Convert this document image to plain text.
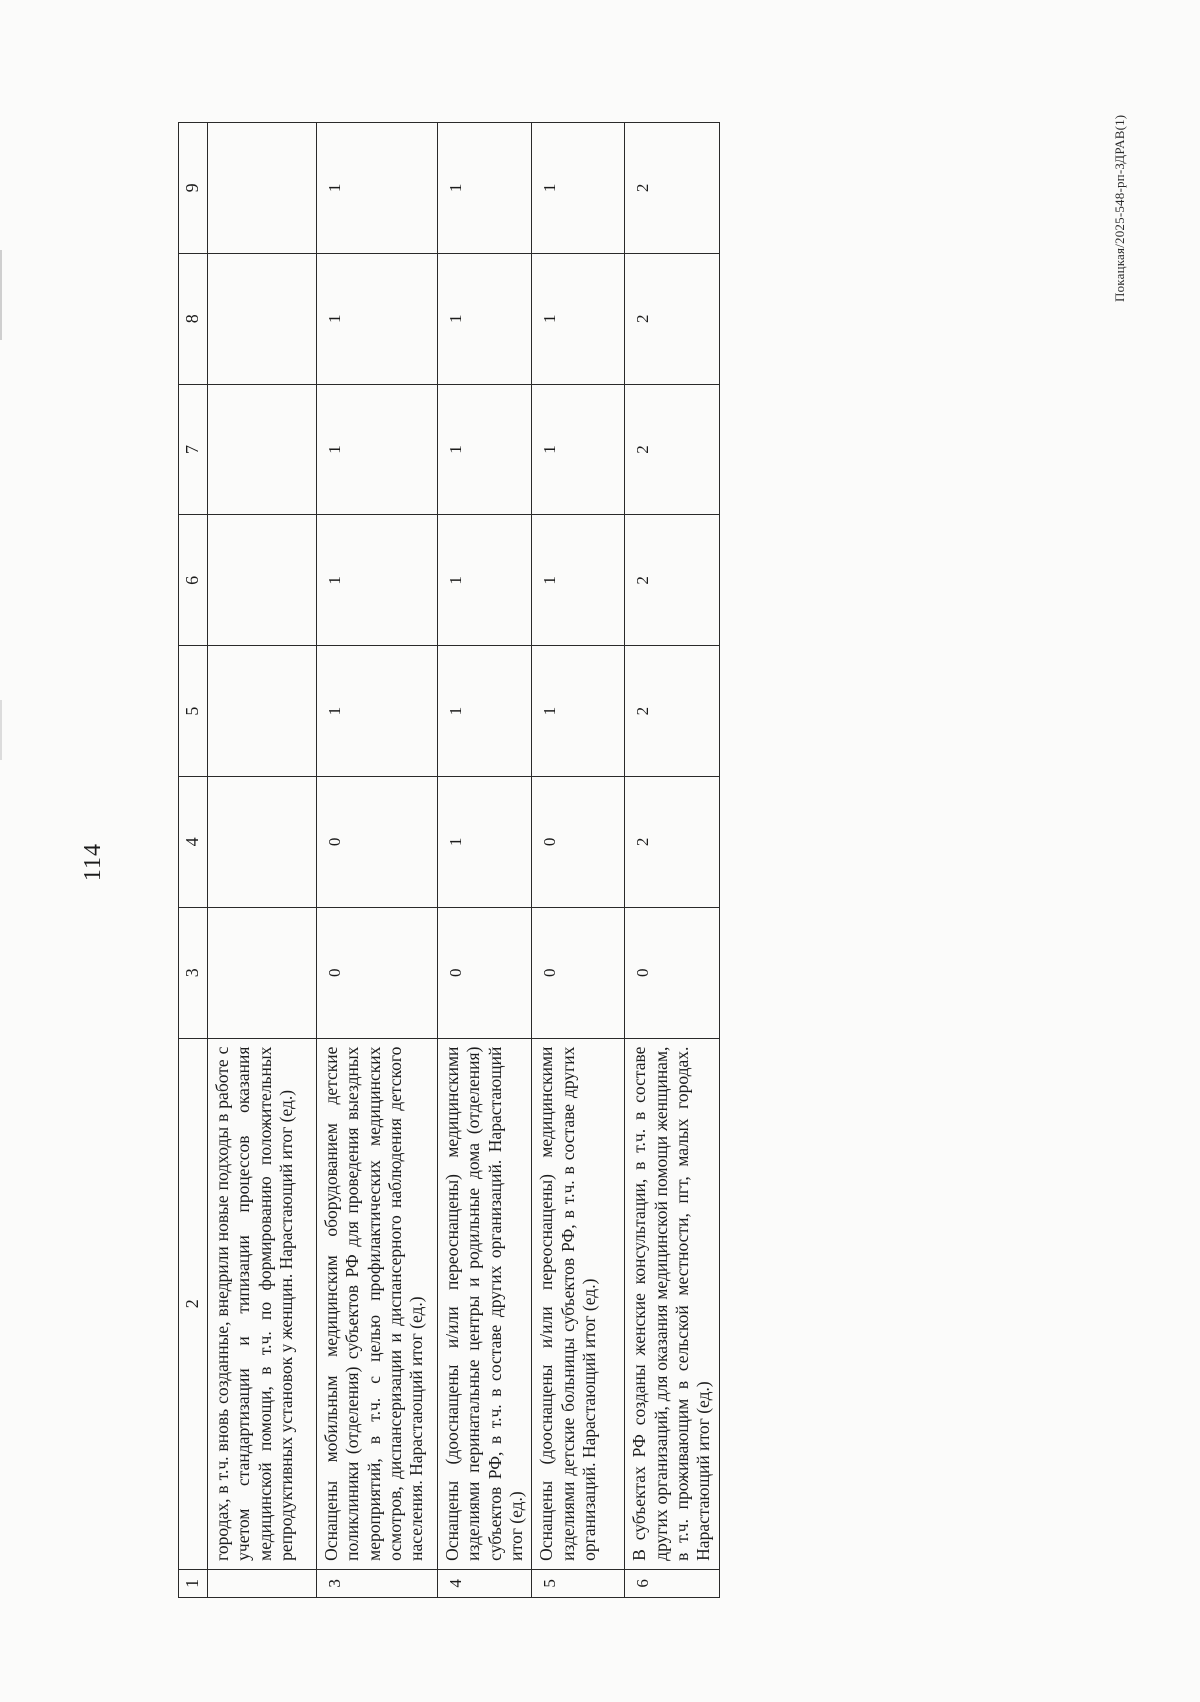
114
1	2	3	4	5	6	7	8	9
	городах, в т.ч. вновь созданные, внедрили новые подходы в работе с учетом стандартизации и типизации процессов оказания медицинской помощи, в т.ч. по формированию положительных репродуктивных установок у женщин. Нарастающий итог (ед.)							
3	Оснащены мобильным медицинским оборудованием детские поликлиники (отделения) субъектов РФ для проведения выездных мероприятий, в т.ч. с целью профилактических медицинских осмотров, диспансеризации и диспансерного наблюдения детского населения. Нарастающий итог (ед.)	0	0	1	1	1	1	1
4	Оснащены (дооснащены и/или переоснащены) медицинскими изделиями перинатальные центры и родильные дома (отделения) субъектов РФ, в т.ч. в составе других организаций. Нарастающий итог (ед.)	0	1	1	1	1	1	1
5	Оснащены (дооснащены и/или переоснащены) медицинскими изделиями детские больницы субъектов РФ, в т.ч. в составе других организаций. Нарастающий итог (ед.)	0	0	1	1	1	1	1
6	В субъектах РФ созданы женские консультации, в т.ч. в составе других организаций, для оказания медицинской помощи женщинам, в т.ч. проживающим в сельской местности, пгт, малых городах. Нарастающий итог (ед.)	0	2	2	2	2	2	2	Покацкая/2025-548-рп-ЗДРАВ(1)
